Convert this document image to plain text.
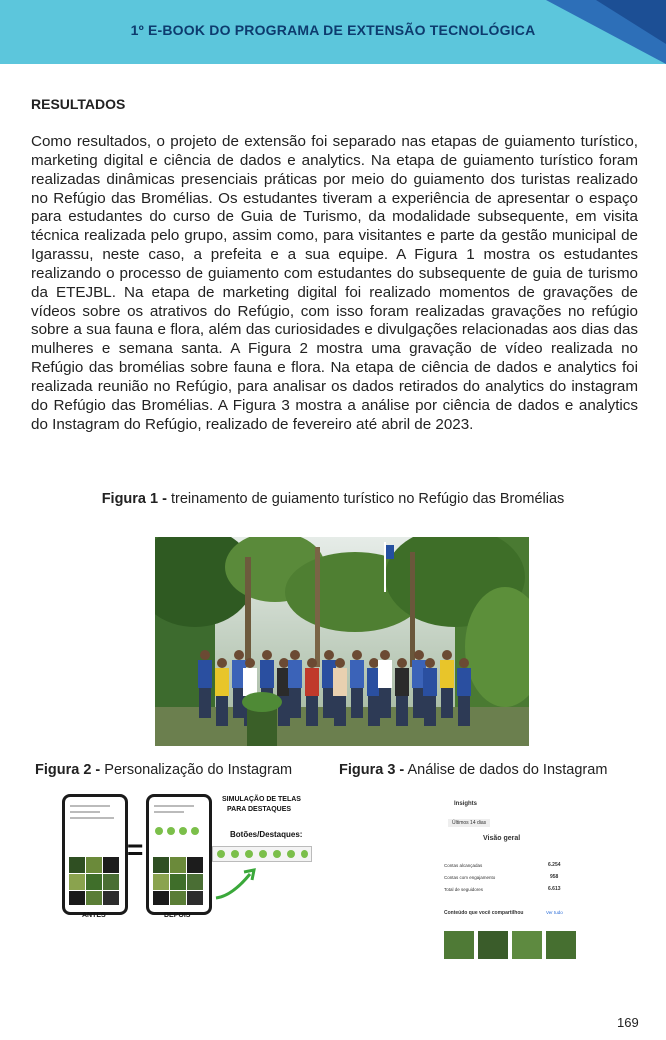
1º E-BOOK DO PROGRAMA DE EXTENSÃO TECNOLÓGICA
RESULTADOS
Como resultados, o projeto de extensão foi separado nas etapas de guiamento turístico, marketing digital e ciência de dados e analytics. Na etapa de guiamento turístico foram realizadas dinâmicas presenciais práticas por meio do guiamento dos turistas realizado no Refúgio das Bromélias. Os estudantes tiveram a experiência de apresentar o espaço para estudantes do curso de Guia de Turismo, da modalidade subsequente, em visita técnica realizada pelo grupo, assim como, para visitantes e parte da gestão municipal de Igarassu, neste caso, a prefeita e a sua equipe. A Figura 1 mostra os estudantes realizando o processo de guiamento com estudantes do subsequente de guia de turismo da ETEJBL. Na etapa de marketing digital foi realizado momentos de gravações de vídeos sobre os atrativos do Refúgio, com isso foram realizadas gravações no refúgio sobre a sua fauna e flora, além das curiosidades e divulgações relacionadas aos dias das mulheres e semana santa. A Figura 2 mostra uma gravação de vídeo realizada no Refúgio das bromélias sobre fauna e flora. Na etapa de ciência de dados e analytics foi realizada reunião no Refúgio, para analisar os dados retirados do analytics do instagram do Refúgio das Bromélias. A Figura 3 mostra a análise por ciência de dados e analytics do Instagram do Refúgio, realizado de fevereiro até abril de 2023.
Figura 1 - treinamento de guiamento turístico no Refúgio das Bromélias
Figura 2 - Personalização do Instagram	Figura 3 - Análise de dados do Instagram
=
SIMULAÇÃO DE TELAS
PARA DESTAQUES
Botões/Destaques:
ANTES	DEPOIS
Insights
Últimos 14 dias
Visão geral
Contas alcançadas	6.254
Contas com engajamento	958
Total de seguidores	6.613
Conteúdo que você compartilhou	Ver tudo
169
